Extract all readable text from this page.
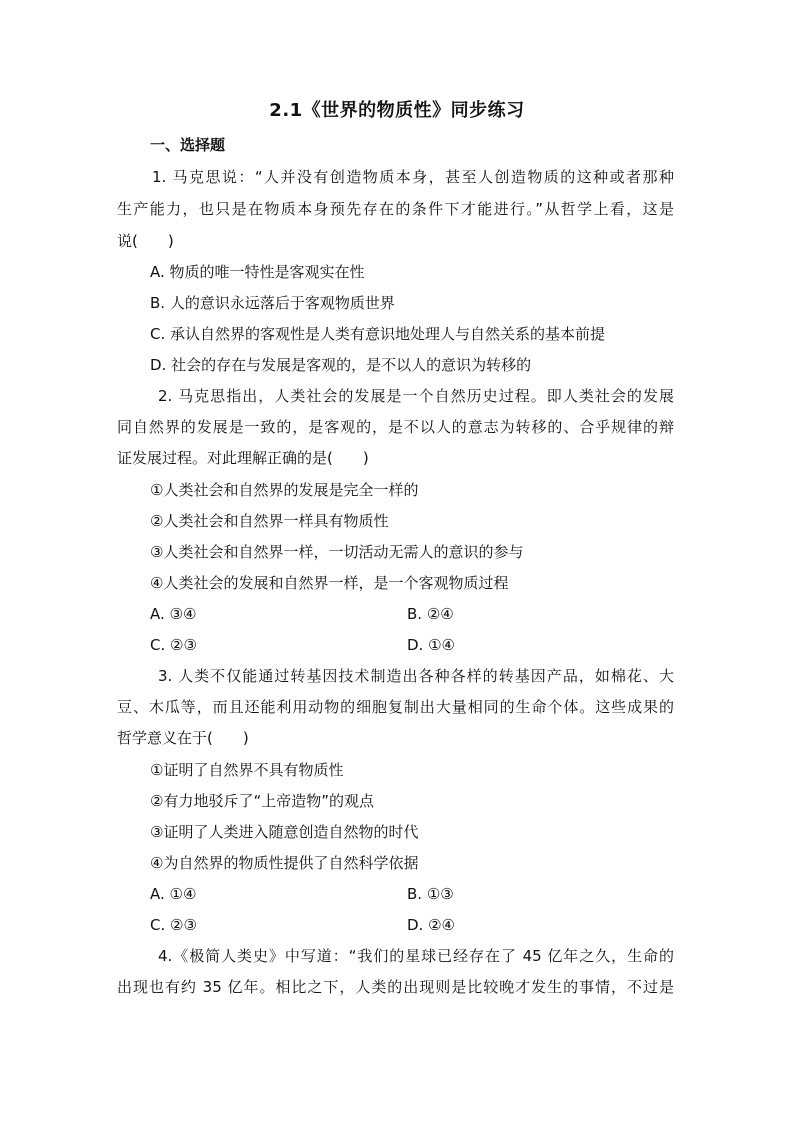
2.1《世界的物质性》同步练习
一、选择题
1. 马克思说：“人并没有创造物质本身，甚至人创造物质的这种或者那种
生产能力，也只是在物质本身预先存在的条件下才能进行。”从哲学上看，这是
说(　　)
A. 物质的唯一特性是客观实在性
B. 人的意识永远落后于客观物质世界
C. 承认自然界的客观性是人类有意识地处理人与自然关系的基本前提
D. 社会的存在与发展是客观的，是不以人的意识为转移的
2. 马克思指出，人类社会的发展是一个自然历史过程。即人类社会的发展
同自然界的发展是一致的，是客观的，是不以人的意志为转移的、合乎规律的辩
证发展过程。对此理解正确的是(　　)
①人类社会和自然界的发展是完全一样的
②人类社会和自然界一样具有物质性
③人类社会和自然界一样，一切活动无需人的意识的参与
④人类社会的发展和自然界一样，是一个客观物质过程
A. ③④	B. ②④
C. ②③	D. ①④
3. 人类不仅能通过转基因技术制造出各种各样的转基因产品，如棉花、大
豆、木瓜等，而且还能利用动物的细胞复制出大量相同的生命个体。这些成果的
哲学意义在于(　　)
①证明了自然界不具有物质性
②有力地驳斥了“上帝造物”的观点
③证明了人类进入随意创造自然物的时代
④为自然界的物质性提供了自然科学依据
A. ①④	B. ①③
C. ②③	D. ②④
4.《极简人类史》中写道：“我们的星球已经存在了 45 亿年之久，生命的
出现也有约 35 亿年。相比之下，人类的出现则是比较晚才发生的事情，不过是
